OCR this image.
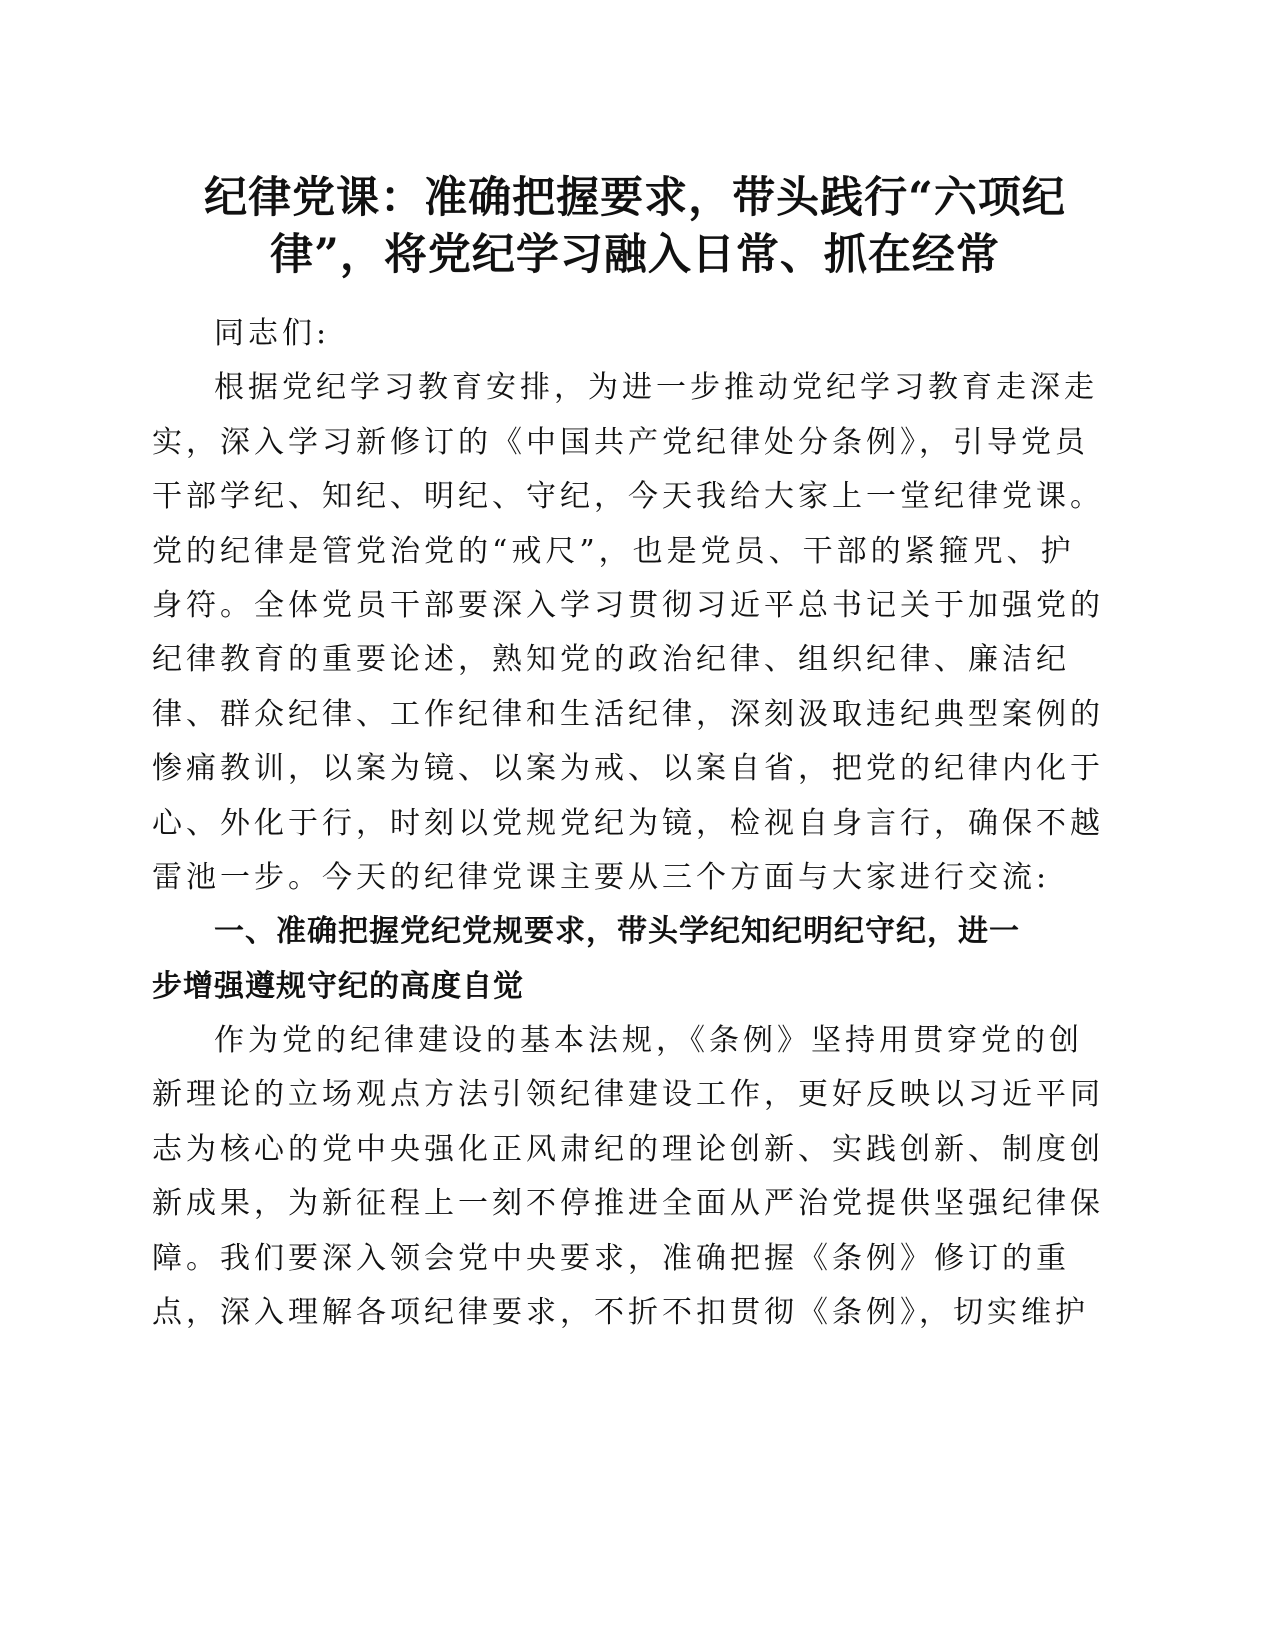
纪律党课：准确把握要求，带头践行“六项纪
律”，将党纪学习融入日常、抓在经常
同志们:
根据党纪学习教育安排，为进一步推动党纪学习教育走深走
实，深入学习新修订的《中国共产党纪律处分条例》，引导党员
干部学纪、知纪、明纪、守纪，今天我给大家上一堂纪律党课。
党的纪律是管党治党的“戒尺”，也是党员、干部的紧箍咒、护
身符。全体党员干部要深入学习贯彻习近平总书记关于加强党的
纪律教育的重要论述，熟知党的政治纪律、组织纪律、廉洁纪
律、群众纪律、工作纪律和生活纪律，深刻汲取违纪典型案例的
惨痛教训，以案为镜、以案为戒、以案自省，把党的纪律内化于
心、外化于行，时刻以党规党纪为镜，检视自身言行，确保不越
雷池一步。今天的纪律党课主要从三个方面与大家进行交流:
一、准确把握党纪党规要求，带头学纪知纪明纪守纪，进一
步增强遵规守纪的高度自觉
作为党的纪律建设的基本法规，《条例》坚持用贯穿党的创
新理论的立场观点方法引领纪律建设工作，更好反映以习近平同
志为核心的党中央强化正风肃纪的理论创新、实践创新、制度创
新成果，为新征程上一刻不停推进全面从严治党提供坚强纪律保
障。我们要深入领会党中央要求，准确把握《条例》修订的重
点，深入理解各项纪律要求，不折不扣贯彻《条例》，切实维护
